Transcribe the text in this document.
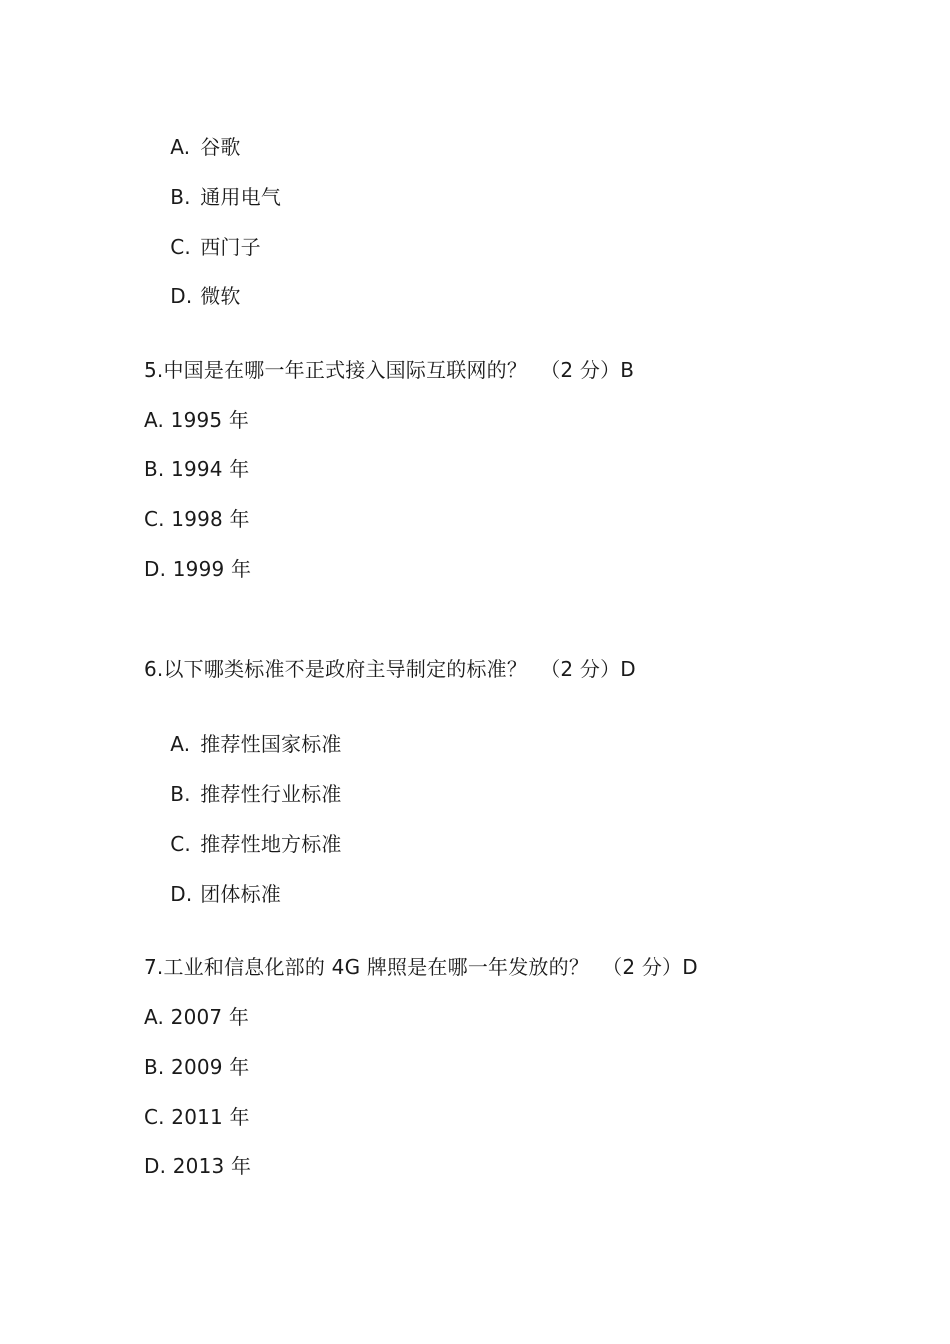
A. 谷歌

B. 通用电气

C. 西门子

D. 微软

5.中国是在哪一年正式接入国际互联网的？  （2 分）B
A. 1995 年
B. 1994 年
C. 1998 年
D. 1999 年
6.以下哪类标准不是政府主导制定的标准？  （2 分）D

A. 推荐性国家标准

B. 推荐性行业标准

C. 推荐性地方标准

D. 团体标准

7.工业和信息化部的 4G 牌照是在哪一年发放的？  （2 分）D
A. 2007 年
B. 2009 年
C. 2011 年
D. 2013 年
